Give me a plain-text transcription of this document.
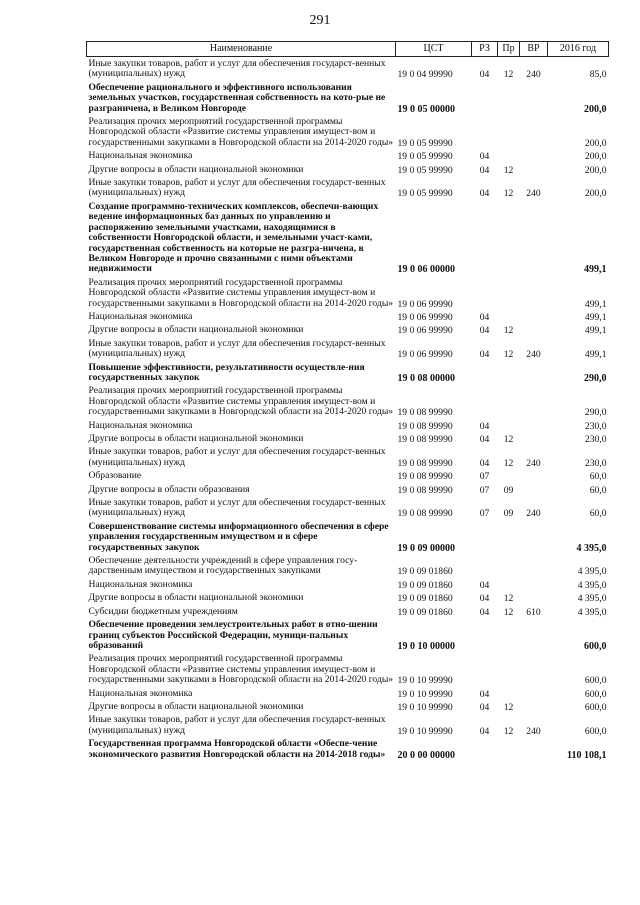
291
Наименование	ЦСТ	РЗ	Пр	ВР	2016 год
Иные закупки товаров, работ и услуг для обеспечения государст-венных (муниципальных) нужд	19 0 04 99990	04	12	240	85,0
Обеспечение рационального и эффективного использования земельных участков, государственная собственность на кото-рые не разграничена, в Великом Новгороде	19 0 05 00000				200,0
Реализация прочих мероприятий государственной программы Новгородской области «Развитие системы управления имущест-вом и государственными закупками в Новгородской области на 2014-2020 годы»	19 0 05 99990				200,0
Национальная экономика	19 0 05 99990	04			200,0
Другие вопросы в области национальной экономики	19 0 05 99990	04	12		200,0
Иные закупки товаров, работ и услуг для обеспечения государст-венных (муниципальных) нужд	19 0 05 99990	04	12	240	200,0
Создание программно-технических комплексов, обеспечи-вающих ведение информационных баз данных по управлению и распоряжению земельными участками, находящимися в собственности Новгородской области, и земельными участ-ками, государственная собственность на которые не разгра-ничена, в Великом Новгороде и прочно связанными с ними объектами недвижимости	19 0 06 00000				499,1
Реализация прочих мероприятий государственной программы Новгородской области «Развитие системы управления имущест-вом и государственными закупками в Новгородской области на 2014-2020 годы»	19 0 06 99990				499,1
Национальная экономика	19 0 06 99990	04			499,1
Другие вопросы в области национальной экономики	19 0 06 99990	04	12		499,1
Иные закупки товаров, работ и услуг для обеспечения государст-венных (муниципальных) нужд	19 0 06 99990	04	12	240	499,1
Повышение эффективности, результативности осуществле-ния государственных закупок	19 0 08 00000				290,0
Реализация прочих мероприятий государственной программы Новгородской области «Развитие системы управления имущест-вом и государственными закупками в Новгородской области на 2014-2020 годы»	19 0 08 99990				290,0
Национальная экономика	19 0 08 99990	04			230,0
Другие вопросы в области национальной экономики	19 0 08 99990	04	12		230,0
Иные закупки товаров, работ и услуг для обеспечения государст-венных (муниципальных) нужд	19 0 08 99990	04	12	240	230,0
Образование	19 0 08 99990	07			60,0
Другие вопросы в области образования	19 0 08 99990	07	09		60,0
Иные закупки товаров, работ и услуг для обеспечения государст-венных (муниципальных) нужд	19 0 08 99990	07	09	240	60,0
Совершенствование системы информационного обеспечения в сфере управления государственным имуществом и в сфере государственных закупок	19 0 09 00000				4 395,0
Обеспечение деятельности учреждений в сфере управления госу-дарственным имуществом и государственных закупками	19 0 09 01860				4 395,0
Национальная экономика	19 0 09 01860	04			4 395,0
Другие вопросы в области национальной экономики	19 0 09 01860	04	12		4 395,0
Субсидии бюджетным учреждениям	19 0 09 01860	04	12	610	4 395,0
Обеспечение проведения землеустроительных работ в отно-шении границ субъектов Российской Федерации, муници-пальных образований	19 0 10 00000				600,0
Реализация прочих мероприятий государственной программы Новгородской области «Развитие системы управления имущест-вом и государственными закупками в Новгородской области на 2014-2020 годы»	19 0 10 99990				600,0
Национальная экономика	19 0 10 99990	04			600,0
Другие вопросы в области национальной экономики	19 0 10 99990	04	12		600,0
Иные закупки товаров, работ и услуг для обеспечения государст-венных (муниципальных) нужд	19 0 10 99990	04	12	240	600,0
Государственная программа Новгородской области «Обеспе-чение экономического развития Новгородской области на 2014-2018 годы»	20 0 00 00000				110 108,1
